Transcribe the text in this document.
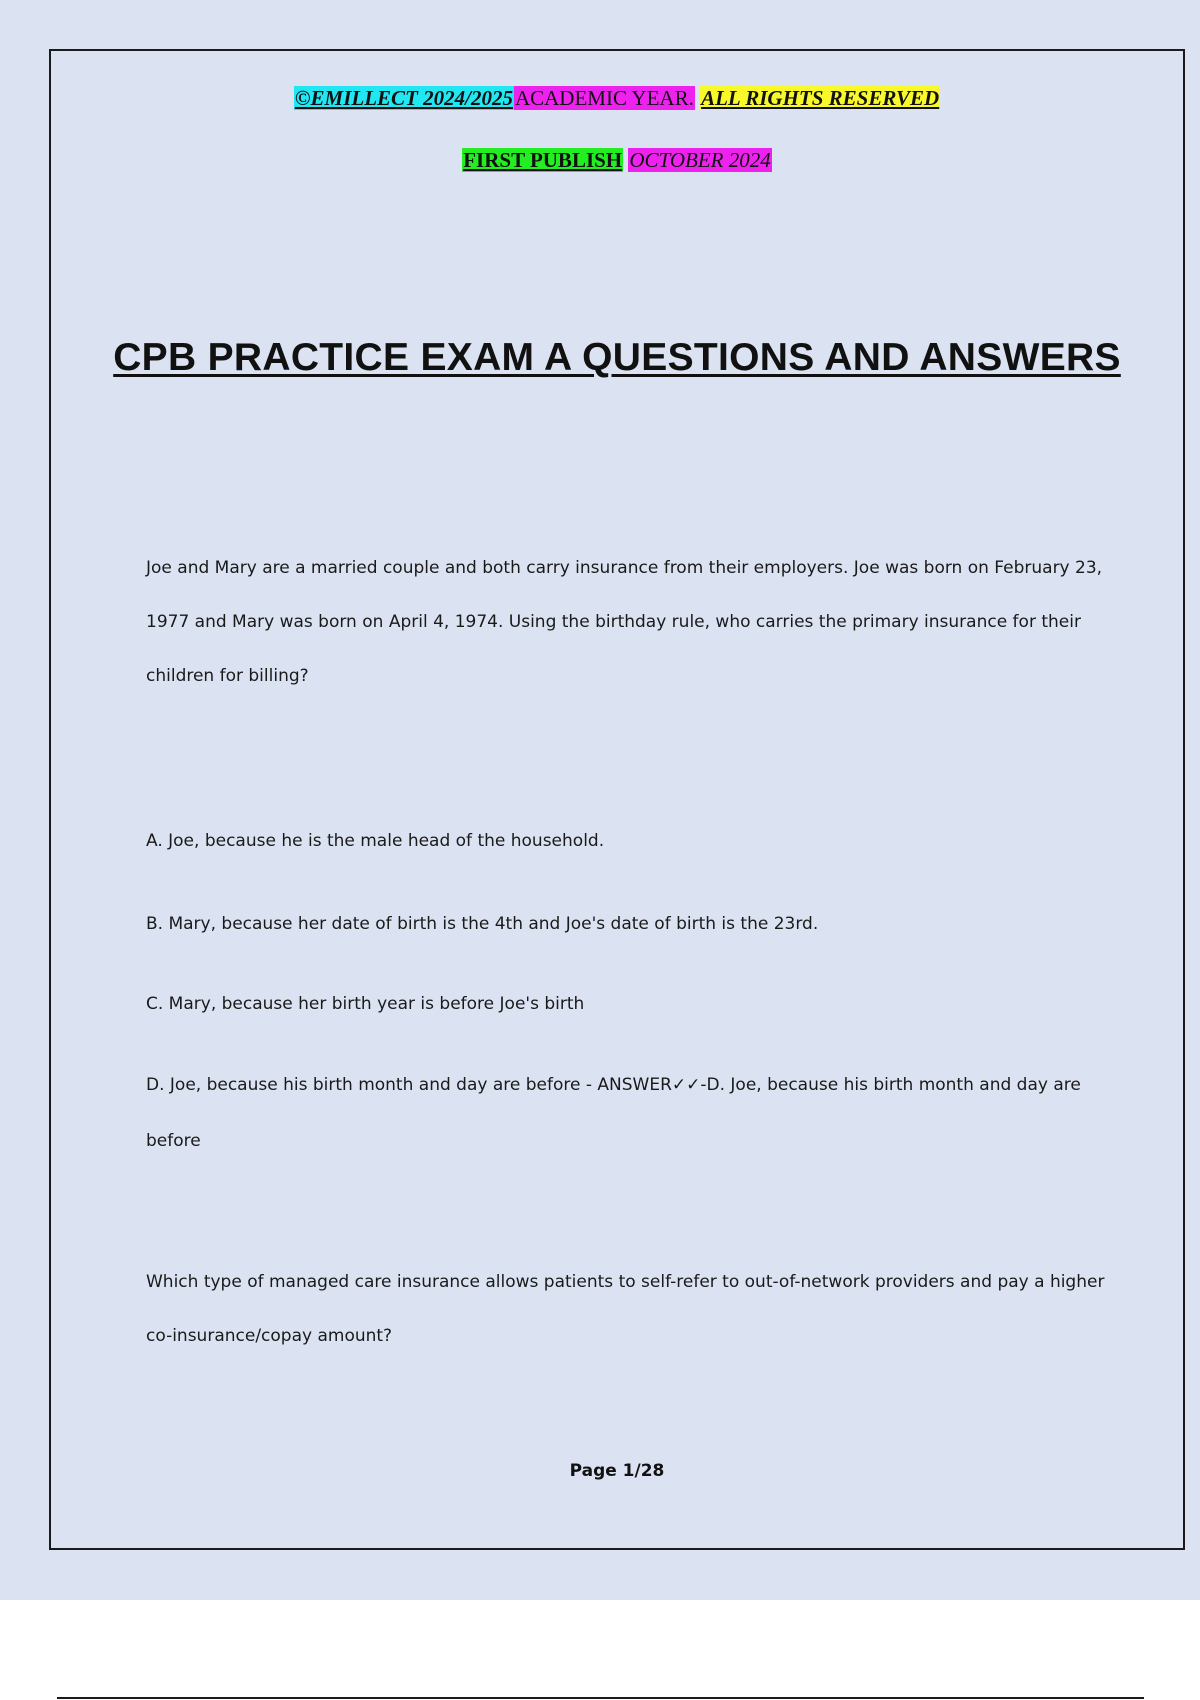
©EMILLECT 2024/2025ACADEMIC YEAR. ALL RIGHTS RESERVED
FIRST PUBLISH OCTOBER 2024
CPB PRACTICE EXAM A QUESTIONS AND ANSWERS
Joe and Mary are a married couple and both carry insurance from their employers. Joe was born on February 23, 1977 and Mary was born on April 4, 1974. Using the birthday rule, who carries the primary insurance for their children for billing?
A. Joe, because he is the male head of the household.
B. Mary, because her date of birth is the 4th and Joe's date of birth is the 23rd.
C. Mary, because her birth year is before Joe's birth
D. Joe, because his birth month and day are before - ANSWER✓✓-D. Joe, because his birth month and day are before
Which type of managed care insurance allows patients to self-refer to out-of-network providers and pay a higher co-insurance/copay amount?
Page 1/28
